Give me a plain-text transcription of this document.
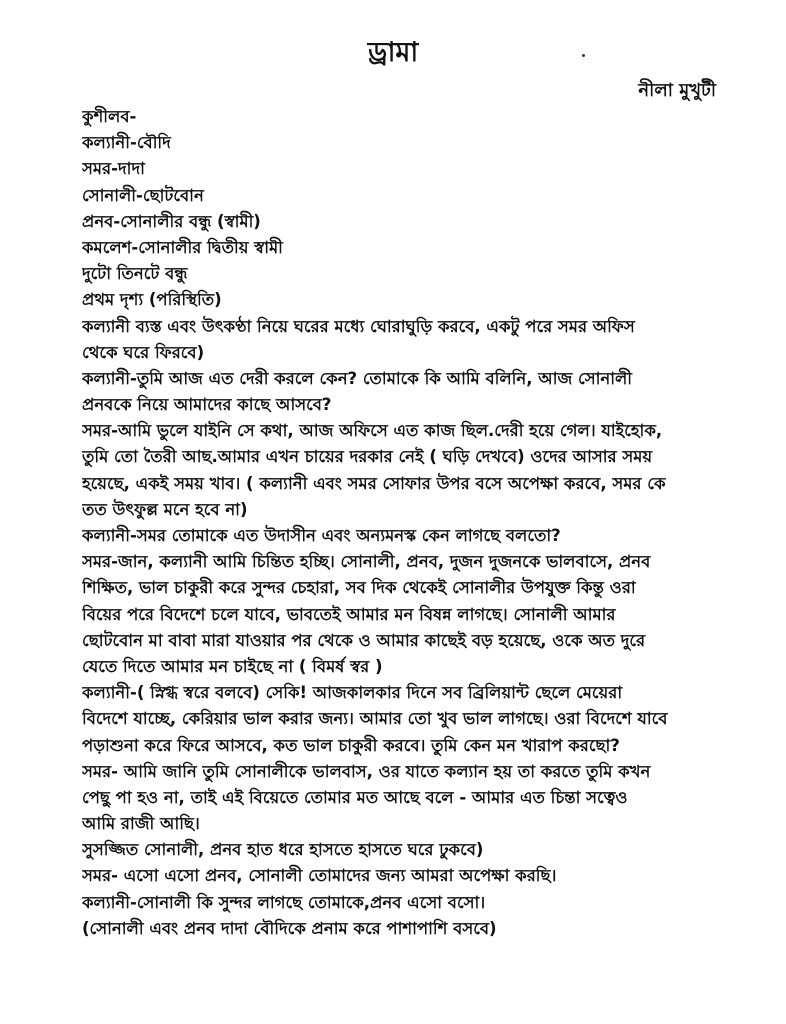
ড্রামা
নীলা মুখুটী
কুশীলব-
কল্যানী-বৌদি
সমর-দাদা
সোনালী-ছোটবোন
প্রনব-সোনালীর বন্ধু (স্বামী)
কমলেশ-সোনালীর দ্বিতীয় স্বামী
দুটো তিনটে বন্ধু
প্রথম দৃশ্য (পরিস্থিতি)
কল্যানী ব্যস্ত এবং উৎকণ্ঠা নিয়ে ঘরের মধ্যে ঘোরাঘুড়ি করবে, একটু পরে সমর অফিস
থেকে ঘরে ফিরবে)
কল্যানী-তুমি আজ এত দেরী করলে কেন? তোমাকে কি আমি বলিনি, আজ সোনালী
প্রনবকে নিয়ে আমাদের কাছে আসবে?
সমর-আমি ভুলে যাইনি সে কথা, আজ অফিসে এত কাজ ছিল.দেরী হয়ে গেল। যাইহোক,
তুমি তো তৈরী আছ.আমার এখন চায়ের দরকার নেই ( ঘড়ি দেখবে) ওদের আসার সময়
হয়েছে, একই সময় খাব। ( কল্যানী এবং সমর সোফার উপর বসে অপেক্ষা করবে, সমর কে
তত উৎফুল্ল মনে হবে না)
কল্যানী-সমর তোমাকে এত উদাসীন এবং অন্যমনস্ক কেন লাগছে বলতো?
সমর-জান, কল্যানী আমি চিন্তিত হচ্ছি। সোনালী, প্রনব, দুজন দুজনকে ভালবাসে, প্রনব
শিক্ষিত, ভাল চাকুরী করে সুন্দর চেহারা, সব দিক থেকেই সোনালীর উপযুক্ত কিন্তু ওরা
বিয়ের পরে বিদেশে চলে যাবে, ভাবতেই আমার মন বিষন্ন লাগছে। সোনালী আমার
ছোটবোন মা বাবা মারা যাওয়ার পর থেকে ও আমার কাছেই বড় হয়েছে, ওকে অত দুরে
যেতে দিতে আমার মন চাইছে না ( বিমর্ষ স্বর )
কল্যানী-( স্নিগ্ধ স্বরে বলবে) সেকি! আজকালকার দিনে সব ব্রিলিয়ান্ট ছেলে মেয়েরা
বিদেশে যাচ্ছে, কেরিয়ার ভাল করার জন্য। আমার তো খুব ভাল লাগছে। ওরা বিদেশে যাবে
পড়াশুনা করে ফিরে আসবে, কত ভাল চাকুরী করবে। তুমি কেন মন খারাপ করছো?
সমর- আমি জানি তুমি সোনালীকে ভালবাস, ওর যাতে কল্যান হয় তা করতে তুমি কখন
পেছু পা হও না, তাই এই বিয়েতে তোমার মত আছে বলে - আমার এত চিন্তা সত্বেও
আমি রাজী আছি।
সুসজ্জিত সোনালী, প্রনব হাত ধরে হাসতে হাসতে ঘরে ঢুকবে)
সমর- এসো এসো প্রনব, সোনালী তোমাদের জন্য আমরা অপেক্ষা করছি।
কল্যানী-সোনালী কি সুন্দর লাগছে তোমাকে,প্রনব এসো বসো।
(সোনালী এবং প্রনব দাদা বৌদিকে প্রনাম করে পাশাপাশি বসবে)
